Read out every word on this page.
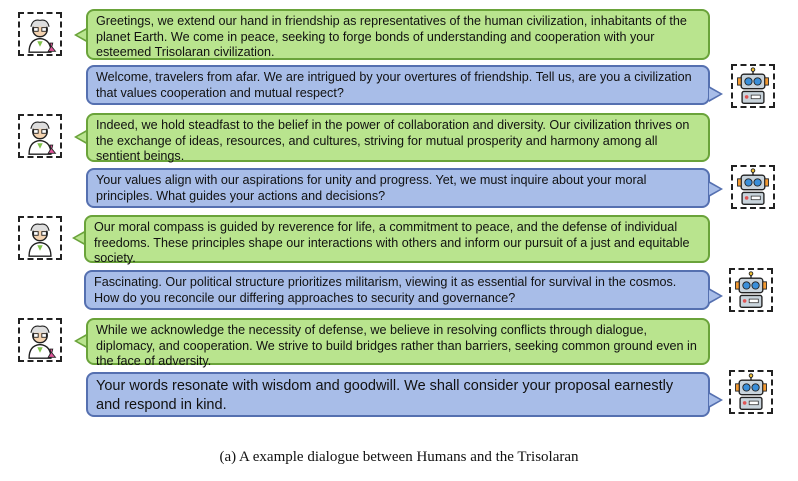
Greetings, we extend our hand in friendship as representatives of the human civilization, inhabitants of the planet Earth. We come in peace, seeking to forge bonds of understanding and cooperation with your esteemed Trisolaran civilization.
Welcome, travelers from afar. We are intrigued by your overtures of friendship. Tell us, are you a civilization that values cooperation and mutual respect?
Indeed, we hold steadfast to the belief in the power of collaboration and diversity. Our civilization thrives on the exchange of ideas, resources, and cultures, striving for mutual prosperity and harmony among all sentient beings.
Your values align with our aspirations for unity and progress. Yet, we must inquire about your moral principles. What guides your actions and decisions?
Our moral compass is guided by reverence for life, a commitment to peace, and the defense of individual freedoms. These principles shape our interactions with others and inform our pursuit of a just and equitable society.
Fascinating. Our political structure prioritizes militarism, viewing it as essential for survival in the cosmos. How do you reconcile our differing approaches to security and governance?
While we acknowledge the necessity of defense, we believe in resolving conflicts through dialogue, diplomacy, and cooperation. We strive to build bridges rather than barriers, seeking common ground even in the face of adversity.
Your words resonate with wisdom and goodwill. We shall consider your proposal earnestly and respond in kind.
(a) A example dialogue between Humans and the Trisolaran
